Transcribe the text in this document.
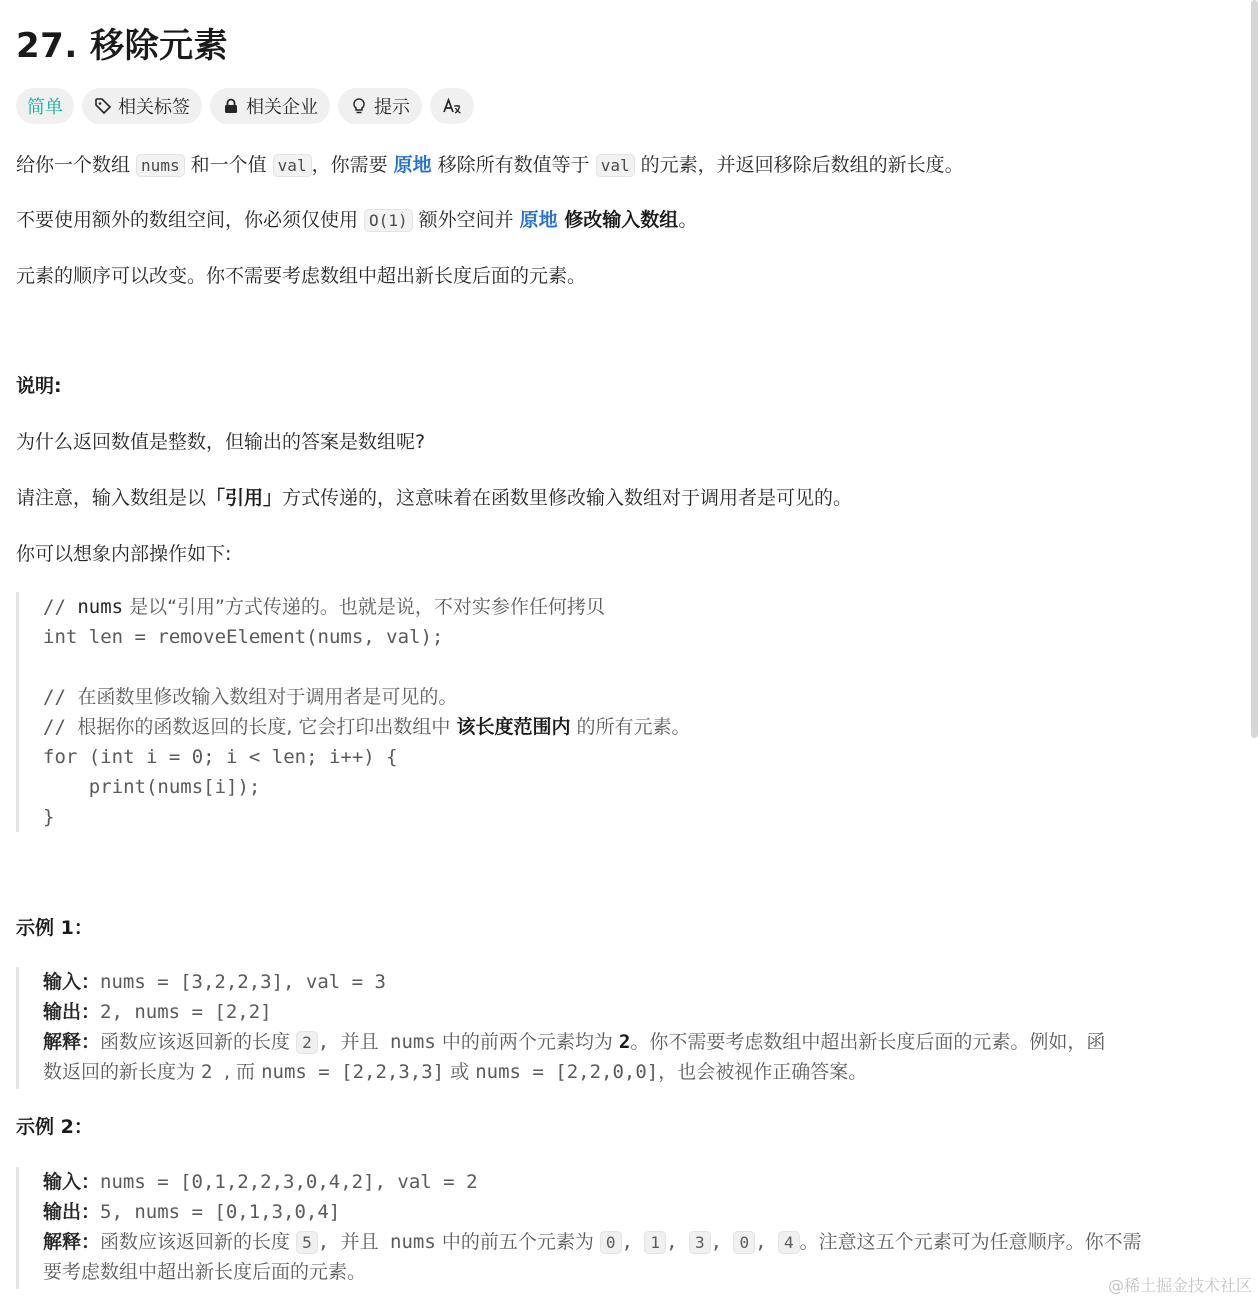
27. 移除元素
简单	相关标签	相关企业	提示
给你一个数组 nums 和一个值 val ，你需要 原地 移除所有数值等于 val 的元素，并返回移除后数组的新长度。
不要使用额外的数组空间，你必须仅使用 O(1) 额外空间并 原地 修改输入数组。
元素的顺序可以改变。你不需要考虑数组中超出新长度后面的元素。
说明:
为什么返回数值是整数，但输出的答案是数组呢?
请注意，输入数组是以「引用」方式传递的，这意味着在函数里修改输入数组对于调用者是可见的。
你可以想象内部操作如下:
// nums 是以“引用”方式传递的。也就是说，不对实参作任何拷贝
int len = removeElement(nums, val);
// 在函数里修改输入数组对于调用者是可见的。
// 根据你的函数返回的长度, 它会打印出数组中 该长度范围内 的所有元素。
for (int i = 0; i < len; i++) {
print(nums[i]);
}
示例 1：
输入：nums = [3,2,2,3], val = 3
输出：2, nums = [2,2]
解释：函数应该返回新的长度 2 , 并且 nums 中的前两个元素均为 2。你不需要考虑数组中超出新长度后面的元素。例如，函
数返回的新长度为 2 , 而 nums = [2,2,3,3] 或 nums = [2,2,0,0]，也会被视作正确答案。
示例 2：
输入：nums = [0,1,2,2,3,0,4,2], val = 2
输出：5, nums = [0,1,3,0,4]
解释：函数应该返回新的长度 5 , 并且 nums 中的前五个元素为 0 , 1 , 3 , 0 , 4 。注意这五个元素可为任意顺序。你不需
要考虑数组中超出新长度后面的元素。
@稀土掘金技术社区
